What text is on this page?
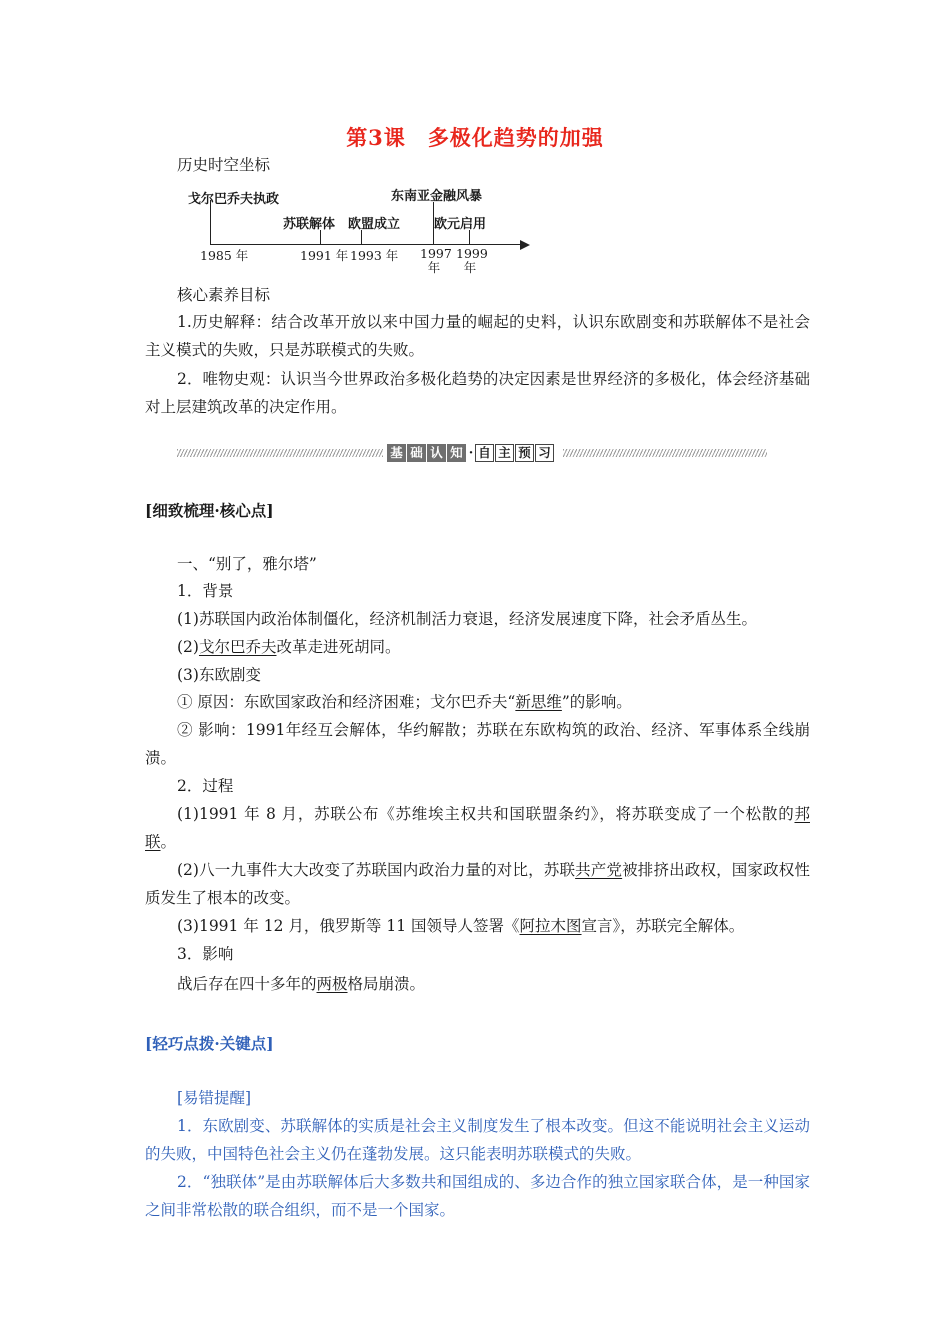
第3课 多极化趋势的加强
历史时空坐标
戈尔巴乔夫执政
苏联解体 欧盟成立
东南亚金融风暴
欧元启用
1985 年	1991 年 1993 年 1997
年
1999
年
核心素养目标
1.历史解释：结合改革开放以来中国力量的崛起的史料，认识东欧剧变和苏联解体不是社会主义模式的失败，只是苏联模式的失败。
2．唯物史观：认识当今世界政治多极化趋势的决定因素是世界经济的多极化，体会经济基础对上层建筑改革的决定作用。
基 础 认 知 · 自 主 预 习
[细致梳理·核心点]
一、“别了，雅尔塔”
1．背景
(1)苏联国内政治体制僵化，经济机制活力衰退，经济发展速度下降，社会矛盾丛生。
(2)戈尔巴乔夫改革走进死胡同。
(3)东欧剧变
① 原因：东欧国家政治和经济困难；戈尔巴乔夫“新思维”的影响。
② 影响：1991年经互会解体，华约解散；苏联在东欧构筑的政治、经济、军事体系全线崩溃。
2．过程
(1)1991 年 8 月，苏联公布《苏维埃主权共和国联盟条约》，将苏联变成了一个松散的邦联。
(2)八一九事件大大改变了苏联国内政治力量的对比，苏联共产党被排挤出政权，国家政权性质发生了根本的改变。
(3)1991 年 12 月，俄罗斯等 11 国领导人签署《阿拉木图宣言》，苏联完全解体。
3．影响
战后存在四十多年的两极格局崩溃。
[轻巧点拨·关键点]
[易错提醒]
1．东欧剧变、苏联解体的实质是社会主义制度发生了根本改变。但这不能说明社会主义运动的失败，中国特色社会主义仍在蓬勃发展。这只能表明苏联模式的失败。
2．“独联体”是由苏联解体后大多数共和国组成的、多边合作的独立国家联合体，是一种国家之间非常松散的联合组织，而不是一个国家。
